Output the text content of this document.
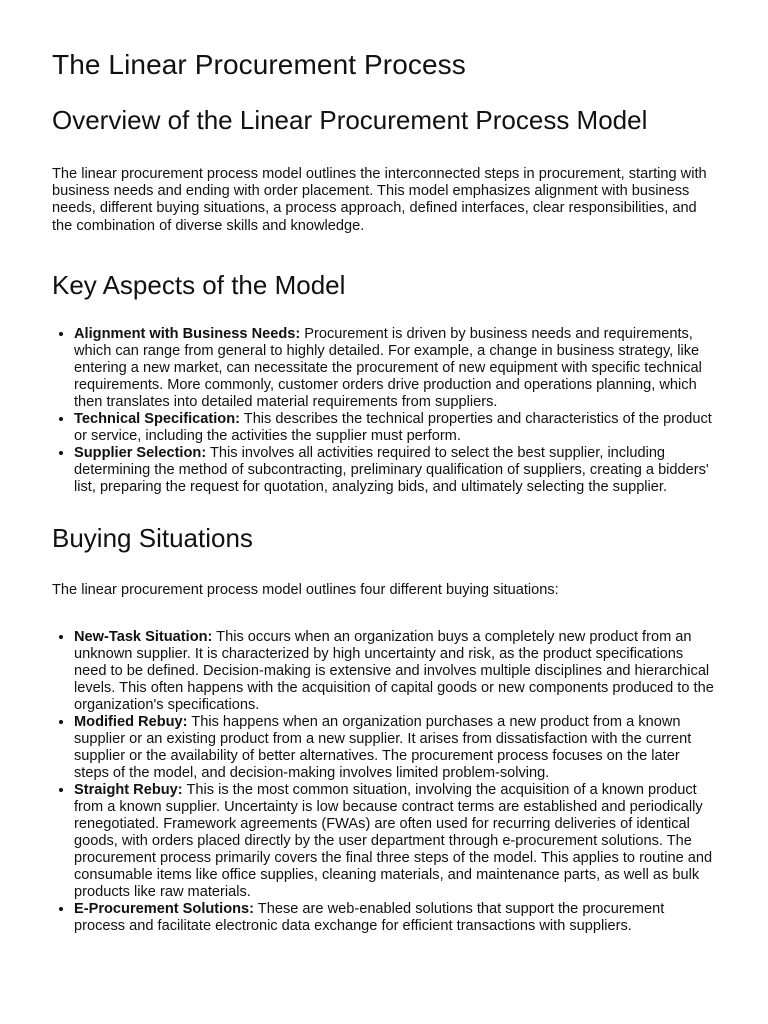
The Linear Procurement Process
Overview of the Linear Procurement Process Model

The linear procurement process model outlines the interconnected steps in procurement, starting with business needs and ending with order placement. This model emphasizes alignment with business needs, different buying situations, a process approach, defined interfaces, clear responsibilities, and the combination of diverse skills and knowledge.

Key Aspects of the Model
• Alignment with Business Needs: Procurement is driven by business needs and requirements, which can range from general to highly detailed. For example, a change in business strategy, like entering a new market, can necessitate the procurement of new equipment with specific technical requirements. More commonly, customer orders drive production and operations planning, which then translates into detailed material requirements from suppliers.
• Technical Specification: This describes the technical properties and characteristics of the product or service, including the activities the supplier must perform.
• Supplier Selection: This involves all activities required to select the best supplier, including determining the method of subcontracting, preliminary qualification of suppliers, creating a bidders' list, preparing the request for quotation, analyzing bids, and ultimately selecting the supplier.
Buying Situations

The linear procurement process model outlines four different buying situations:

• New-Task Situation: This occurs when an organization buys a completely new product from an unknown supplier. It is characterized by high uncertainty and risk, as the product specifications need to be defined. Decision-making is extensive and involves multiple disciplines and hierarchical levels. This often happens with the acquisition of capital goods or new components produced to the organization's specifications.
• Modified Rebuy: This happens when an organization purchases a new product from a known supplier or an existing product from a new supplier. It arises from dissatisfaction with the current supplier or the availability of better alternatives. The procurement process focuses on the later steps of the model, and decision-making involves limited problem-solving.
• Straight Rebuy: This is the most common situation, involving the acquisition of a known product from a known supplier. Uncertainty is low because contract terms are established and periodically renegotiated. Framework agreements (FWAs) are often used for recurring deliveries of identical goods, with orders placed directly by the user department through e-procurement solutions. The procurement process primarily covers the final three steps of the model. This applies to routine and consumable items like office supplies, cleaning materials, and maintenance parts, as well as bulk products like raw materials.
• E-Procurement Solutions: These are web-enabled solutions that support the procurement process and facilitate electronic data exchange for efficient transactions with suppliers.
